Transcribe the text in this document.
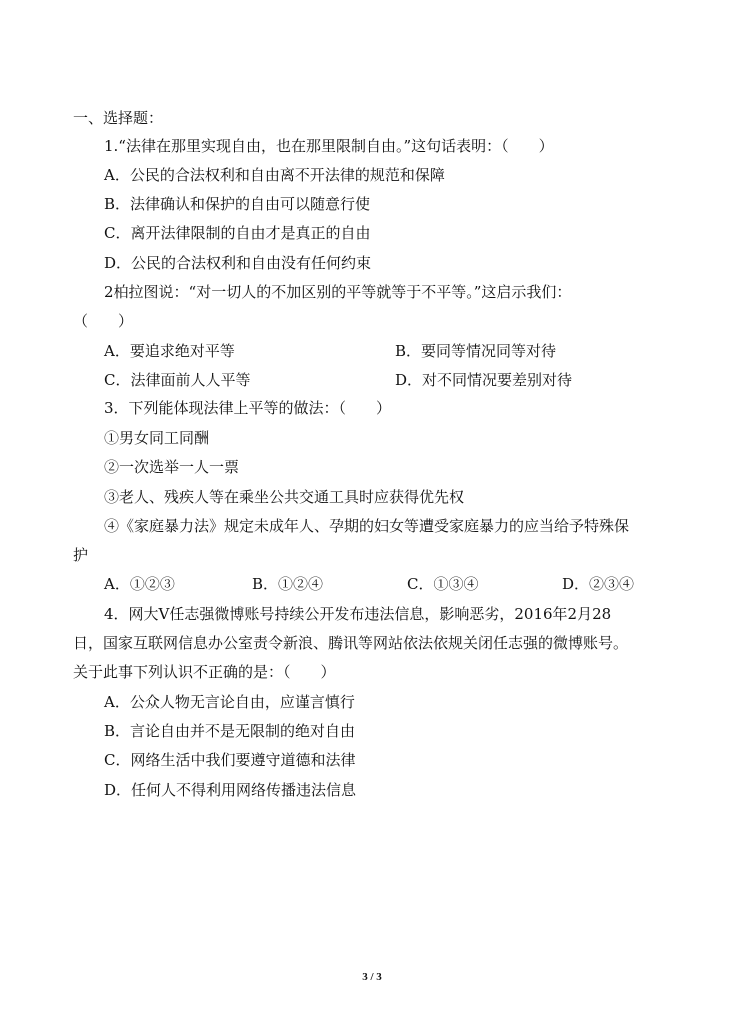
一、选择题：
1.“法律在那里实现自由，也在那里限制自由。”这句话表明：（　　）
A．公民的合法权利和自由离不开法律的规范和保障
B．法律确认和保护的自由可以随意行使
C．离开法律限制的自由才是真正的自由
D．公民的合法权利和自由没有任何约束
2柏拉图说：“对一切人的不加区别的平等就等于不平等。”这启示我们：
（　　）
A．要追求绝对平等	B．要同等情况同等对待
C．法律面前人人平等	D．对不同情况要差别对待
3．下列能体现法律上平等的做法：（　　）
①男女同工同酬
②一次选举一人一票
③老人、残疾人等在乘坐公共交通工具时应获得优先权
④《家庭暴力法》规定未成年人、孕期的妇女等遭受家庭暴力的应当给予特殊保
护
A．①②③	B．①②④	C．①③④	D．②③④
4．网大V任志强微博账号持续公开发布违法信息，影响恶劣，2016年2月28
日，国家互联网信息办公室责令新浪、腾讯等网站依法依规关闭任志强的微博账号。
关于此事下列认识不正确的是：（　　）
A．公众人物无言论自由，应谨言慎行
B．言论自由并不是无限制的绝对自由
C．网络生活中我们要遵守道德和法律
D．任何人不得利用网络传播违法信息
3 / 3
